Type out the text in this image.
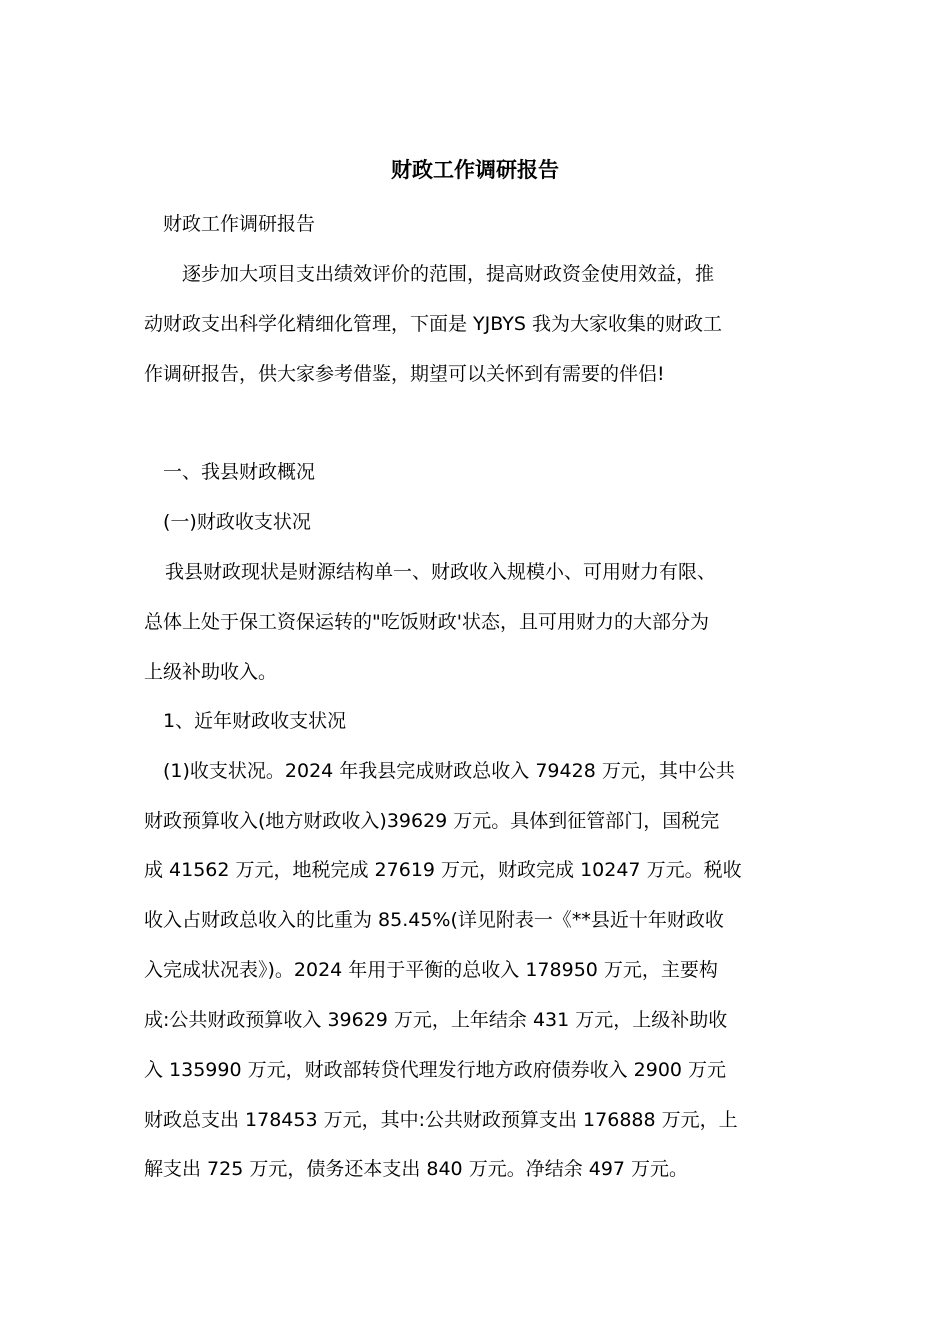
财政工作调研报告
财政工作调研报告
逐步加大项目支出绩效评价的范围，提高财政资金使用效益，推
动财政支出科学化精细化管理，下面是 YJBYS 我为大家收集的财政工
作调研报告，供大家参考借鉴，期望可以关怀到有需要的伴侣!
一、我县财政概况
(一)财政收支状况
我县财政现状是财源结构单一、财政收入规模小、可用财力有限、
总体上处于保工资保运转的"吃饭财政'状态，且可用财力的大部分为
上级补助收入。
1、近年财政收支状况
(1)收支状况。2024 年我县完成财政总收入 79428 万元，其中公共
财政预算收入(地方财政收入)39629 万元。具体到征管部门，国税完
成 41562 万元，地税完成 27619 万元，财政完成 10247 万元。税收
收入占财政总收入的比重为 85.45%(详见附表一《**县近十年财政收
入完成状况表》)。2024 年用于平衡的总收入 178950 万元，主要构
成:公共财政预算收入 39629 万元，上年结余 431 万元，上级补助收
入 135990 万元，财政部转贷代理发行地方政府债券收入 2900 万元
财政总支出 178453 万元，其中:公共财政预算支出 176888 万元，上
解支出 725 万元，债务还本支出 840 万元。净结余 497 万元。
